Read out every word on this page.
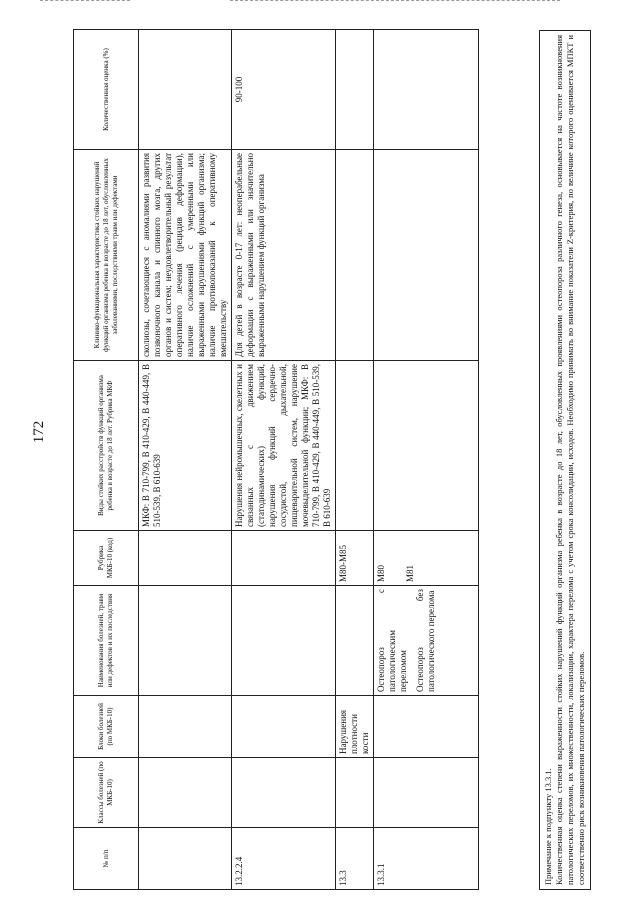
172
№ п/п	Классы болезней (по МКБ-10)	Блоки болезней (по МКБ-10)	Наименования болезней, травм или дефектов и их последствия	Рубрика МКБ-10 (код)	Виды стойких расстройств функций организма ребенка в возрасте до 18 лет. Рубрика МКФ	Клинико-функциональная характеристика стойких нарушений функций организма ребенка в возрасте до 18 лет, обусловленных заболеваниями, последствиями травм или дефектами	Количественная оценка (%)
					МКФ: В 710-799, В 410-429, В 440-449, В 510-539, В 610-639	сколиозы, сочетающиеся с аномалиями развития позвоночного канала и спинного мозга, других органов и систем; неудовлетворительный результат оперативного лечения (рецидив деформации), наличие осложнений с умеренными или выраженными нарушениями функций организма; наличие противопоказаний к оперативному вмешательству	
13.2.2.4					Нарушения нейромышечных, скелетных и связанных с движением (статодинамических) функций, нарушения функций сердечно-сосудистой, дыхательной, пищеварительной систем, нарушение мочевыделительной функции; МКФ: В 710-799, В 410-429, В 440-449, В 510-539, В 610-639	Для детей в возрасте 0-17 лет: неоперабельные деформации с выраженными или значительно выраженными нарушением функций организма	90-100
13.3		Нарушения плотности кости		M80-M85			
13.3.1			Остеопороз с патологическим переломом Остеопороз без патологического перелома	M80 M81			

Примечание к подпункту 13.3.1. Количественная оценка степени выраженности стойких нарушений функций организма ребенка в возрасте до 18 лет, обусловленных проявлениями остеопороза различного генеза, основывается на частоте возникновения патологических переломов, их множественности, локализации, характера перелома с учетом срока консолидации, исходов. Необходимо принимать во внимание показатели Z-критерия, по величине которого оценивается МПКТ и соответственно риск возникновения патологических переломов.
